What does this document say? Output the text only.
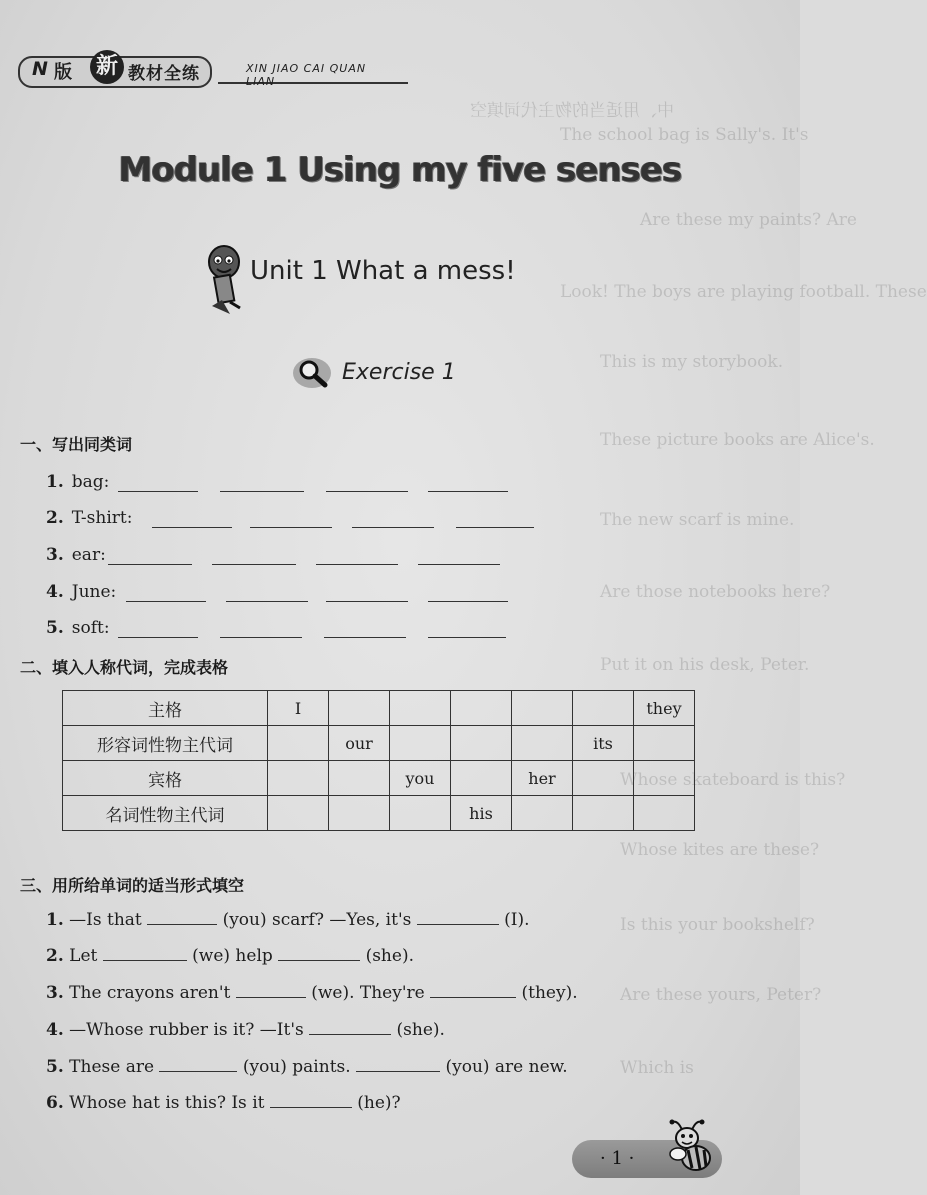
中、用适当的物主代词填空
The school bag is Sally's. It's
Are these my paints? Are
Look! The boys are playing football. These
This is my storybook.
These picture books are Alice's.
The new scarf is mine.
Are those notebooks here?
Put it on his desk, Peter.
Whose skateboard is this?
Whose kites are these?
Is this your bookshelf?
Are these yours, Peter?
Which is
N 版 新 教材全练	XIN JIAO CAI QUAN LIAN
Module 1 Using my five senses
Unit 1 What a mess!
Exercise 1
一、写出同类词
1. bag:
2. T-shirt:
3. ear:
4. June:
5. soft:
二、填入人称代词，完成表格
主格	I						they
形容词性物主代词		our				its	
宾格			you		her		
名词性物主代词				his			
三、用所给单词的适当形式填空
1. —Is that	(you) scarf? —Yes, it's	(I).
2. Let	(we) help	(she).
3. The crayons aren't	(we). They're	(they).
4. —Whose rubber is it? —It's	(she).
5. These are	(you) paints.	(you) are new.
6. Whose hat is this? Is it	(he)?
· 1 ·
